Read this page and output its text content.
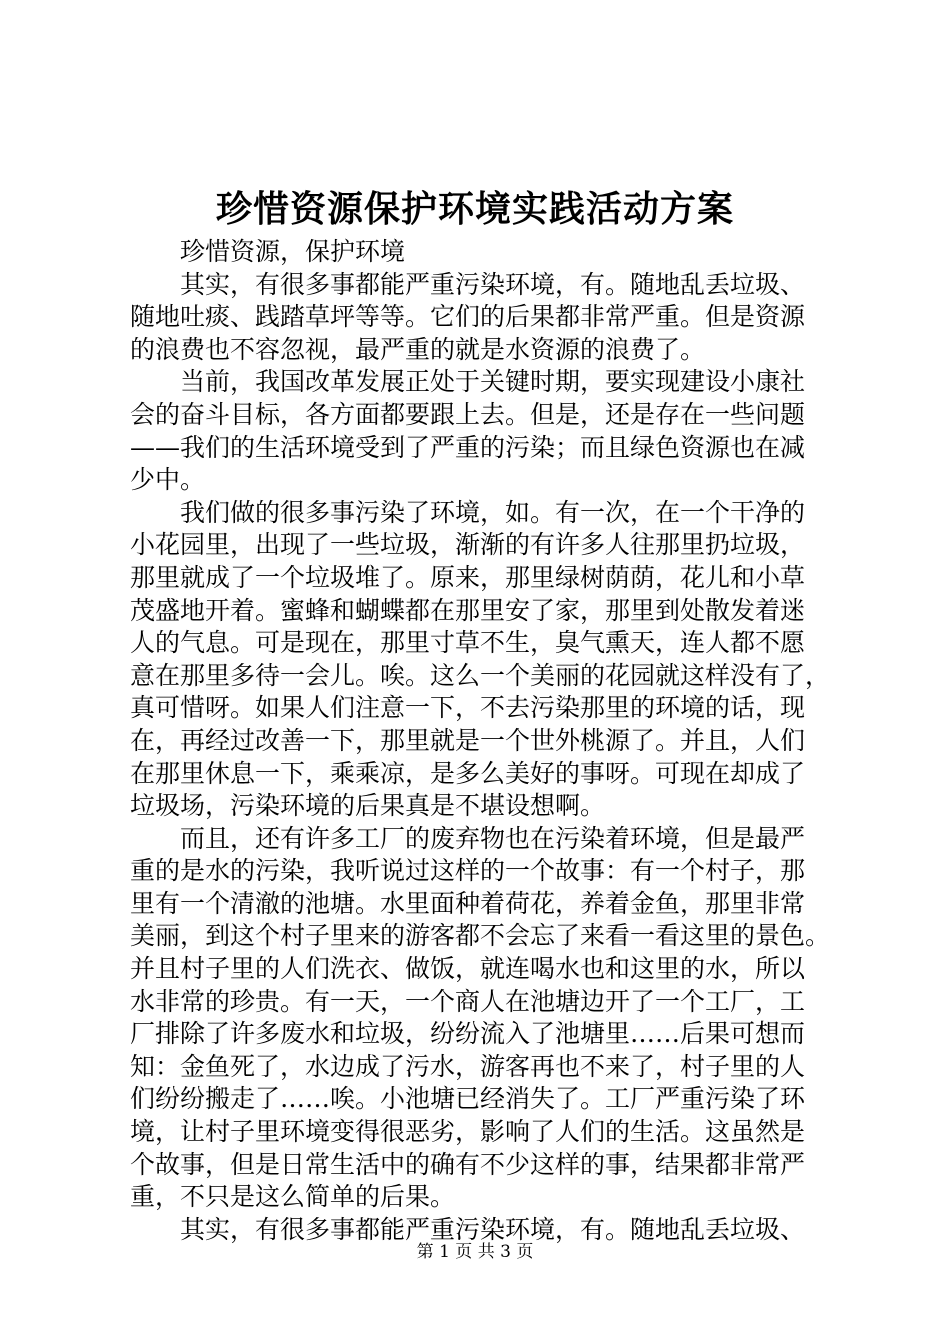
珍惜资源保护环境实践活动方案
珍惜资源，保护环境
其实，有很多事都能严重污染环境，有。随地乱丢垃圾、
随地吐痰、践踏草坪等等。它们的后果都非常严重。但是资源
的浪费也不容忽视，最严重的就是水资源的浪费了。
当前，我国改革发展正处于关键时期，要实现建设小康社
会的奋斗目标，各方面都要跟上去。但是，还是存在一些问题
——我们的生活环境受到了严重的污染；而且绿色资源也在减
少中。
我们做的很多事污染了环境，如。有一次，在一个干净的
小花园里，出现了一些垃圾，渐渐的有许多人往那里扔垃圾，
那里就成了一个垃圾堆了。原来，那里绿树荫荫，花儿和小草
茂盛地开着。蜜蜂和蝴蝶都在那里安了家，那里到处散发着迷
人的气息。可是现在，那里寸草不生，臭气熏天，连人都不愿
意在那里多待一会儿。唉。这么一个美丽的花园就这样没有了，
真可惜呀。如果人们注意一下，不去污染那里的环境的话，现
在，再经过改善一下，那里就是一个世外桃源了。并且，人们
在那里休息一下，乘乘凉，是多么美好的事呀。可现在却成了
垃圾场，污染环境的后果真是不堪设想啊。
而且，还有许多工厂的废弃物也在污染着环境，但是最严
重的是水的污染，我听说过这样的一个故事：有一个村子，那
里有一个清澈的池塘。水里面种着荷花，养着金鱼，那里非常
美丽，到这个村子里来的游客都不会忘了来看一看这里的景色。
并且村子里的人们洗衣、做饭，就连喝水也和这里的水，所以
水非常的珍贵。有一天，一个商人在池塘边开了一个工厂，工
厂排除了许多废水和垃圾，纷纷流入了池塘里……后果可想而
知：金鱼死了，水边成了污水，游客再也不来了，村子里的人
们纷纷搬走了……唉。小池塘已经消失了。工厂严重污染了环
境，让村子里环境变得很恶劣，影响了人们的生活。这虽然是
个故事，但是日常生活中的确有不少这样的事，结果都非常严
重，不只是这么简单的后果。
其实，有很多事都能严重污染环境，有。随地乱丢垃圾、
第 1 页 共 3 页
